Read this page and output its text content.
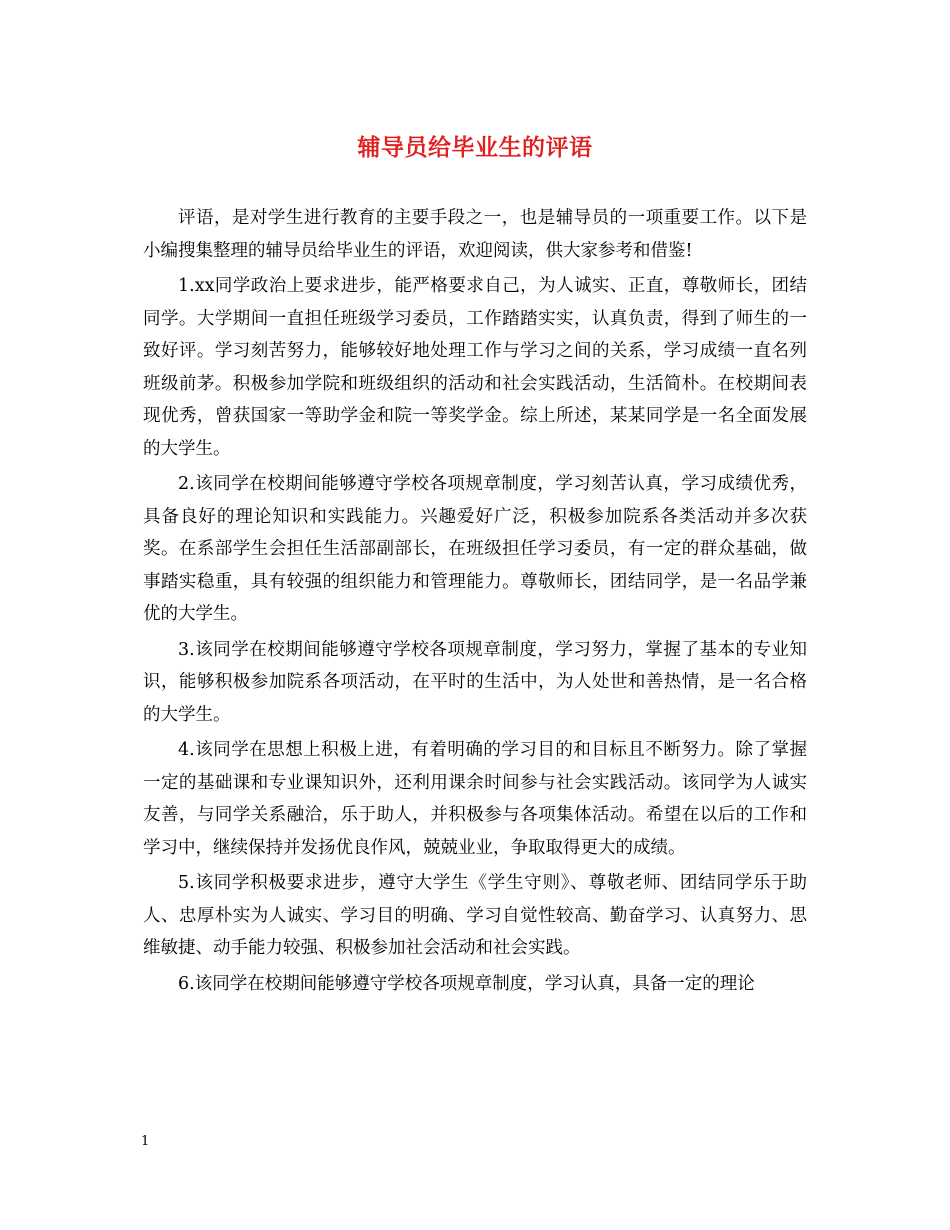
辅导员给毕业生的评语

评语，是对学生进行教育的主要手段之一，也是辅导员的一项重要工作。以下是小编搜集整理的辅导员给毕业生的评语，欢迎阅读，供大家参考和借鉴!

1.xx同学政治上要求进步，能严格要求自己，为人诚实、正直，尊敬师长，团结同学。大学期间一直担任班级学习委员，工作踏踏实实，认真负责，得到了师生的一致好评。学习刻苦努力，能够较好地处理工作与学习之间的关系，学习成绩一直名列班级前茅。积极参加学院和班级组织的活动和社会实践活动，生活简朴。在校期间表现优秀，曾获国家一等助学金和院一等奖学金。综上所述，某某同学是一名全面发展的大学生。

2.该同学在校期间能够遵守学校各项规章制度，学习刻苦认真，学习成绩优秀，具备良好的理论知识和实践能力。兴趣爱好广泛，积极参加院系各类活动并多次获奖。在系部学生会担任生活部副部长，在班级担任学习委员，有一定的群众基础，做事踏实稳重，具有较强的组织能力和管理能力。尊敬师长，团结同学，是一名品学兼优的大学生。

3.该同学在校期间能够遵守学校各项规章制度，学习努力，掌握了基本的专业知识，能够积极参加院系各项活动，在平时的生活中，为人处世和善热情，是一名合格的大学生。

4.该同学在思想上积极上进，有着明确的学习目的和目标且不断努力。除了掌握一定的基础课和专业课知识外，还利用课余时间参与社会实践活动。该同学为人诚实友善，与同学关系融洽，乐于助人，并积极参与各项集体活动。希望在以后的工作和学习中，继续保持并发扬优良作风，兢兢业业，争取取得更大的成绩。

5.该同学积极要求进步，遵守大学生《学生守则》、尊敬老师、团结同学乐于助人、忠厚朴实为人诚实、学习目的明确、学习自觉性较高、勤奋学习、认真努力、思维敏捷、动手能力较强、积极参加社会活动和社会实践。

6.该同学在校期间能够遵守学校各项规章制度，学习认真，具备一定的理论

1
